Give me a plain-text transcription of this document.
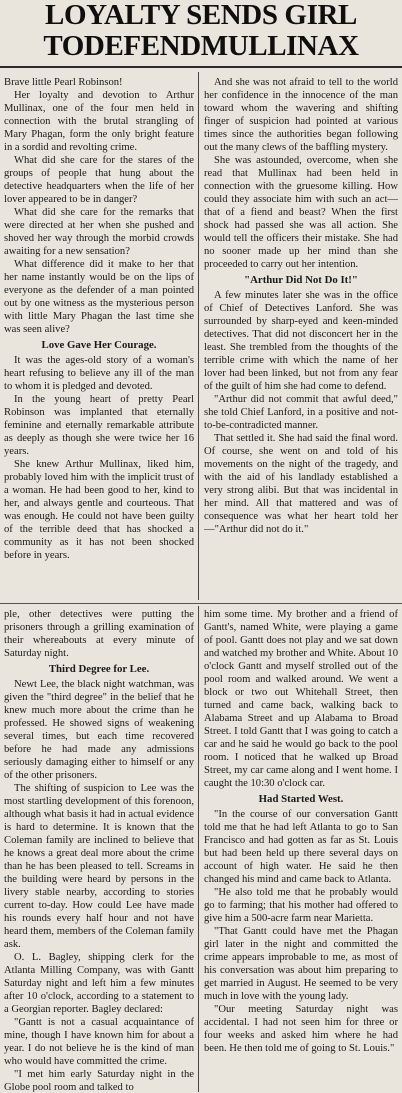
LOYALTY SENDS GIRL
TODEFENDMULLINAX

Brave little Pearl Robinson!

Her loyalty and devotion to Arthur Mullinax, one of the four men held in connection with the brutal strangling of Mary Phagan, form the only bright feature in a sordid and revolting crime.

What did she care for the stares of the groups of people that hung about the detective headquarters when the life of her lover appeared to be in danger?

What did she care for the remarks that were directed at her when she pushed and shoved her way through the morbid crowds awaiting for a new sensation?

What difference did it make to her that her name instantly would be on the lips of everyone as the defender of a man pointed out by one witness as the mysterious person with little Mary Phagan the last time she was seen alive?

Love Gave Her Courage.

It was the ages-old story of a woman's heart refusing to believe any ill of the man to whom it is pledged and devoted.

In the young heart of pretty Pearl Robinson was implanted that eternally feminine and eternally remarkable attribute as deeply as though she were twice her 16 years.

She knew Arthur Mullinax, liked him, probably loved him with the implicit trust of a woman. He had been good to her, kind to her, and always gentle and courteous. That was enough. He could not have been guilty of the terrible deed that has shocked a community as it has not been shocked before in years.

And she was not afraid to tell to the world her confidence in the innocence of the man toward whom the wavering and shifting finger of suspicion had pointed at various times since the authorities began following out the many clews of the baffling mystery.

She was astounded, overcome, when she read that Mullinax had been held in connection with the gruesome killing. How could they associate him with such an act—that of a fiend and beast? When the first shock had passed she was all action. She would tell the officers their mistake. She had no sooner made up her mind than she proceeded to carry out her intention.

"Arthur Did Not Do It!"

A few minutes later she was in the office of Chief of Detectives Lanford. She was surrounded by sharp-eyed and keen-minded detectives. That did not disconcert her in the least. She trembled from the thoughts of the terrible crime with which the name of her lover had been linked, but not from any fear of the guilt of him she had come to defend.

"Arthur did not commit that awful deed," she told Chief Lanford, in a positive and not-to-be-contradicted manner.

That settled it. She had said the final word. Of course, she went on and told of his movements on the night of the tragedy, and with the aid of his landlady established a very strong alibi. But that was incidental in her mind. All that mattered and was of consequence was what her heart told her—"Arthur did not do it."

ple, other detectives were putting the prisoners through a grilling examination of their whereabouts at every minute of Saturday night.

Third Degree for Lee.

Newt Lee, the black night watchman, was given the "third degree" in the belief that he knew much more about the crime than he professed. He showed signs of weakening several times, but each time recovered before he had made any admissions seriously damaging either to himself or any of the other prisoners.

The shifting of suspicion to Lee was the most startling development of this forenoon, although what basis it had in actual evidence is hard to determine. It is known that the Coleman family are inclined to believe that he knows a great deal more about the crime than he has been pleased to tell. Screams in the building were heard by persons in the livery stable nearby, according to stories current to-day. How could Lee have made his rounds every half hour and not have heard them, members of the Coleman family ask.

O. L. Bagley, shipping clerk for the Atlanta Milling Company, was with Gantt Saturday night and left him a few minutes after 10 o'clock, according to a statement to a Georgian reporter. Bagley declared:

"Gantt is not a casual acquaintance of mine, though I have known him for about a year. I do not believe he is the kind of man who would have committed the crime.

"I met him early Saturday night in the Globe pool room and talked to

him some time. My brother and a friend of Gantt's, named White, were playing a game of pool. Gantt does not play and we sat down and watched my brother and White. About 10 o'clock Gantt and myself strolled out of the pool room and walked around. We went a block or two out Whitehall Street, then turned and came back, walking back to Alabama Street and up Alabama to Broad Street. I told Gantt that I was going to catch a car and he said he would go back to the pool room. I noticed that he walked up Broad Street, my car came along and I went home. I caught the 10:30 o'clock car.

Had Started West.

"In the course of our conversation Gantt told me that he had left Atlanta to go to San Francisco and had gotten as far as St. Louis but had been held up there several days on account of high water. He said he then changed his mind and came back to Atlanta.

"He also told me that he probably would go to farming; that his mother had offered to give him a 500-acre farm near Marietta.

"That Gantt could have met the Phagan girl later in the night and committed the crime appears improbable to me, as most of his conversation was about him preparing to get married in August. He seemed to be very much in love with the young lady.

"Our meeting Saturday night was accidental. I had not seen him for three or four weeks and asked him where he had been. He then told me of going to St. Louis."
